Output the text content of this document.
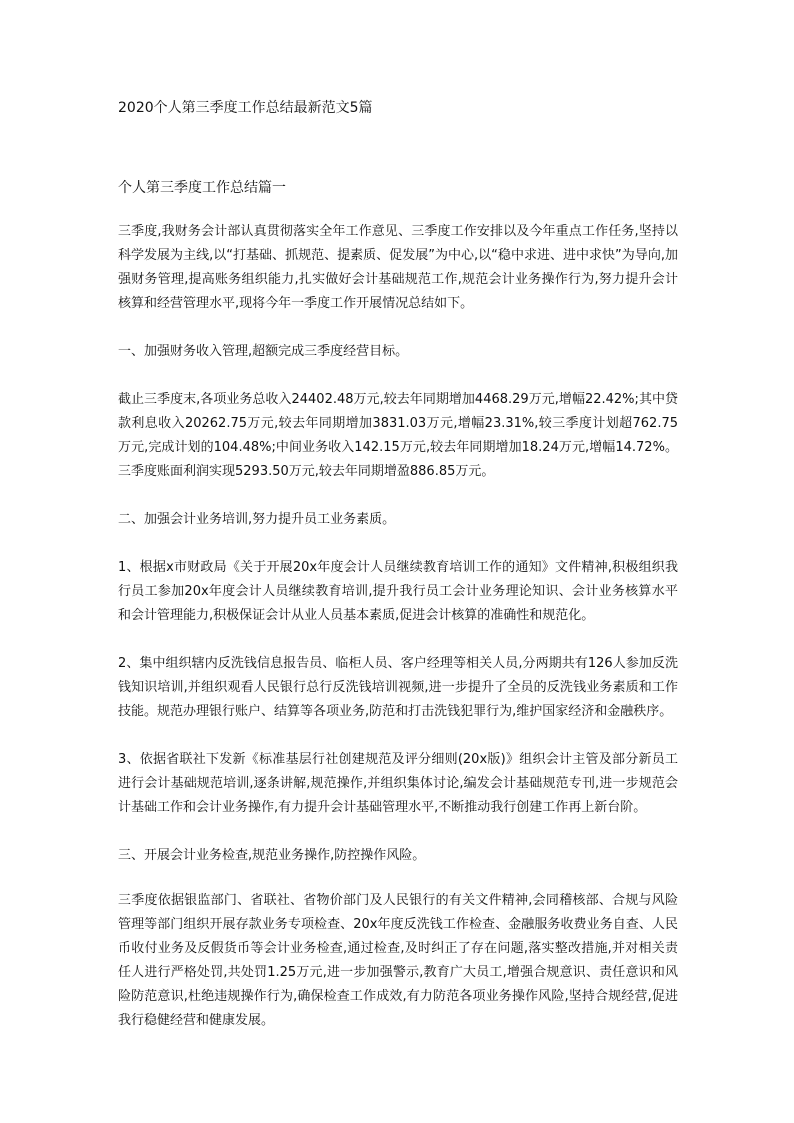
2020个人第三季度工作总结最新范文5篇
个人第三季度工作总结篇一

三季度,我财务会计部认真贯彻落实全年工作意见、三季度工作安排以及今年重点工作任务,坚持以科学发展为主线,以“打基础、抓规范、提素质、促发展”为中心,以“稳中求进、进中求快”为导向,加强财务管理,提高账务组织能力,扎实做好会计基础规范工作,规范会计业务操作行为,努力提升会计核算和经营管理水平,现将今年一季度工作开展情况总结如下。

一、加强财务收入管理,超额完成三季度经营目标。

截止三季度末,各项业务总收入24402.48万元,较去年同期增加4468.29万元,增幅22.42%;其中贷款利息收入20262.75万元,较去年同期增加3831.03万元,增幅23.31%,较三季度计划超762.75万元,完成计划的104.48%;中间业务收入142.15万元,较去年同期增加18.24万元,增幅14.72%。三季度账面利润实现5293.50万元,较去年同期增盈886.85万元。

二、加强会计业务培训,努力提升员工业务素质。

1、根据x市财政局《关于开展20x年度会计人员继续教育培训工作的通知》文件精神,积极组织我行员工参加20x年度会计人员继续教育培训,提升我行员工会计业务理论知识、会计业务核算水平和会计管理能力,积极保证会计从业人员基本素质,促进会计核算的准确性和规范化。

2、集中组织辖内反洗钱信息报告员、临柜人员、客户经理等相关人员,分两期共有126人参加反洗钱知识培训,并组织观看人民银行总行反洗钱培训视频,进一步提升了全员的反洗钱业务素质和工作技能。规范办理银行账户、结算等各项业务,防范和打击洗钱犯罪行为,维护国家经济和金融秩序。

3、依据省联社下发新《标准基层行社创建规范及评分细则(20x版)》组织会计主管及部分新员工进行会计基础规范培训,逐条讲解,规范操作,并组织集体讨论,编发会计基础规范专刊,进一步规范会计基础工作和会计业务操作,有力提升会计基础管理水平,不断推动我行创建工作再上新台阶。

三、开展会计业务检查,规范业务操作,防控操作风险。

三季度依据银监部门、省联社、省物价部门及人民银行的有关文件精神,会同稽核部、合规与风险管理等部门组织开展存款业务专项检查、20x年度反洗钱工作检查、金融服务收费业务自查、人民币收付业务及反假货币等会计业务检查,通过检查,及时纠正了存在问题,落实整改措施,并对相关责任人进行严格处罚,共处罚1.25万元,进一步加强警示,教育广大员工,增强合规意识、责任意识和风险防范意识,杜绝违规操作行为,确保检查工作成效,有力防范各项业务操作风险,坚持合规经营,促进我行稳健经营和健康发展。
